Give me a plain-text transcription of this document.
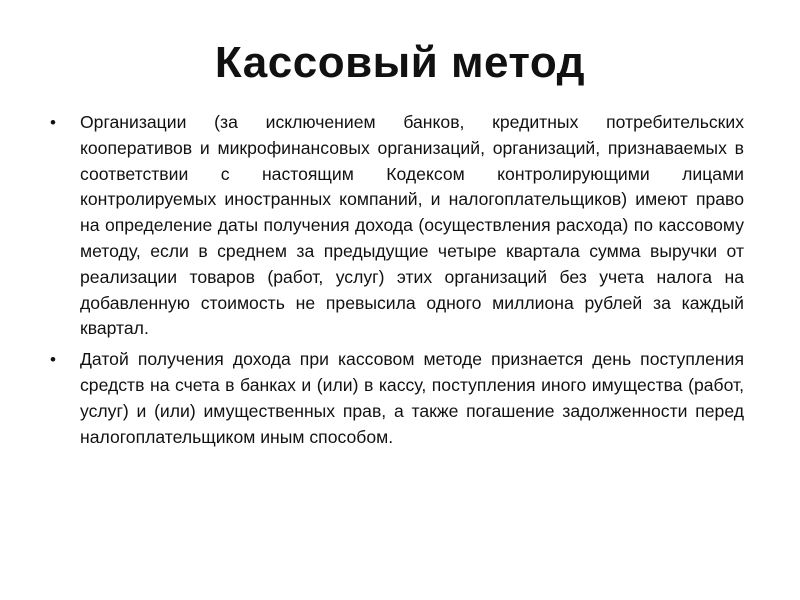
Кассовый метод
• Организации (за исключением банков, кредитных потребительских кооперативов и микрофинансовых организаций, организаций, признаваемых в соответствии с настоящим Кодексом контролирующими лицами контролируемых иностранных компаний, и налогоплательщиков) имеют право на определение даты получения дохода (осуществления расхода) по кассовому методу, если в среднем за предыдущие четыре квартала сумма выручки от реализации товаров (работ, услуг) этих организаций без учета налога на добавленную стоимость не превысила одного миллиона рублей за каждый квартал.
• Датой получения дохода при кассовом методе признается день поступления средств на счета в банках и (или) в кассу, поступления иного имущества (работ, услуг) и (или) имущественных прав, а также погашение задолженности перед налогоплательщиком иным способом.
